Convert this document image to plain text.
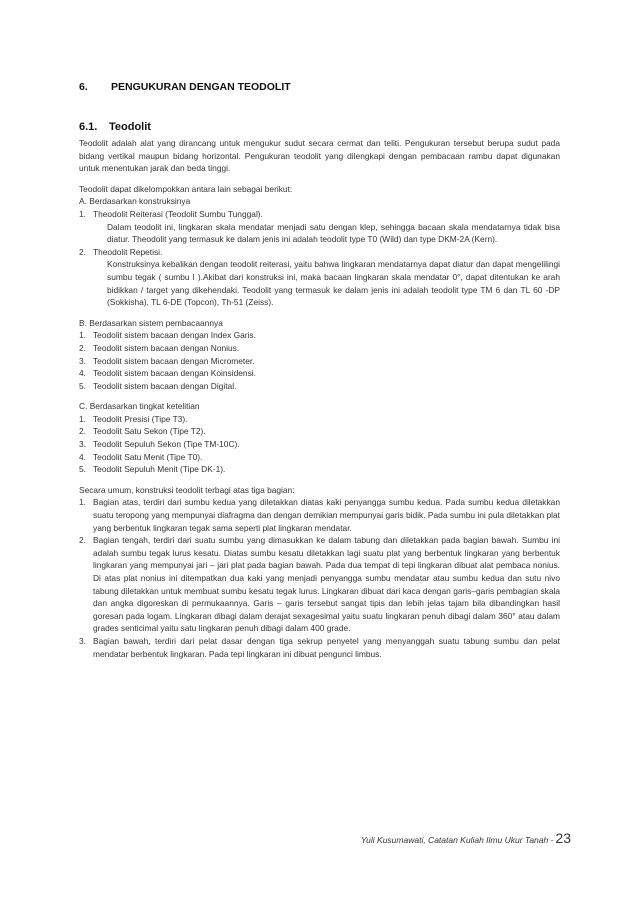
6. PENGUKURAN DENGAN TEODOLIT
6.1. Teodolit

Teodolit adalah alat yang dirancang untuk mengukur sudut secara cermat dan teliti. Pengukuran tersebut berupa sudut pada bidang vertikal maupun bidang horizontal. Pengukuran teodolit yang dilengkapi dengan pembacaan rambu dapat digunakan untuk menentukan jarak dan beda tinggi.

Teodolit dapat dikelompokkan antara lain sebagai berikut:

A. Berdasarkan konstruksinya

1. Theodolit Reiterasi (Teodolit Sumbu Tunggal).
Dalam teodolit ini, lingkaran skala mendatar menjadi satu dengan klep, sehingga bacaan skala mendatarnya tidak bisa diatur. Theodolit yang termasuk ke dalam jenis ini adalah teodolit type T0 (Wild) dan type DKM-2A (Kern).
2. Theodolit Repetisi.
Konstruksinya kebalikan dengan teodolit reiterasi, yaitu bahwa lingkaran mendatarnya dapat diatur dan dapat mengelilingi sumbu tegak ( sumbu I ).Akibat dari konstruksi ini, maka bacaan lingkaran skala mendatar 0°, dapat ditentukan ke arah bidikkan / target yang dikehendaki. Teodolit yang termasuk ke dalam jenis ini adalah teodolit type TM 6 dan TL 60 -DP (Sokkisha), TL 6-DE (Topcon), Th-51 (Zeiss).

B. Berdasarkan sistem pembacaannya

1. Teodolit sistem bacaan dengan Index Garis.
2. Teodolit sistem bacaan dengan Nonius.
3. Teodolit sistem bacaan dengan Micrometer.
4. Teodolit sistem bacaan dengan Koinsidensi.
5. Teodolit sistem bacaan dengan Digital.

C. Berdasarkan tingkat ketelitian

1. Teodolit Presisi (Tipe T3).
2. Teodolit Satu Sekon (Tipe T2).
3. Teodolit Sepuluh Sekon (Tipe TM-10C).
4. Teodolit Satu Menit (Tipe T0).
5. Teodolit Sepuluh Menit (Tipe DK-1).

Secara umum, konstruksi teodolit terbagi atas tiga bagian:

1. Bagian atas, terdiri dari sumbu kedua yang diletakkan diatas kaki penyangga sumbu kedua. Pada sumbu kedua diletakkan suatu teropong yang mempunyai diafragma dan dengan demikian mempunyai garis bidik. Pada sumbu ini pula diletakkan plat yang berbentuk lingkaran tegak sama seperti plat lingkaran mendatar.
2. Bagian tengah, terdiri dari suatu sumbu yang dimasukkan ke dalam tabung dan diletakkan pada bagian bawah. Sumbu ini adalah sumbu tegak lurus kesatu. Diatas sumbu kesatu diletakkan lagi suatu plat yang berbentuk lingkaran yang berbentuk lingkaran yang mempunyai jari – jari plat pada bagian bawah. Pada dua tempat di tepi lingkaran dibuat alat pembaca nonius. Di atas plat nonius ini ditempatkan dua kaki yang menjadi penyangga sumbu mendatar atau sumbu kedua dan sutu nivo tabung diletakkan untuk membuat sumbu kesatu tegak lurus. Lingkaran dibuat dari kaca dengan garis–garis pembagian skala dan angka digoreskan di permukaannya. Garis – garis tersebut sangat tipis dan lebih jelas tajam bila dibandingkan hasil goresan pada logam. Lingkaran dibagi dalam derajat sexagesimal yaitu suatu lingkaran penuh dibagi dalam 360° atau dalam grades senticimal yaitu satu lingkaran penuh dibagi dalam 400 grade.
3. Bagian bawah, terdiri dari pelat dasar dengan tiga sekrup penyetel yang menyanggah suatu tabung sumbu dan pelat mendatar berbentuk lingkaran. Pada tepi lingkaran ini dibuat pengunci limbus.
Yuli Kusumawati, Catatan Kuliah Ilmu Ukur Tanah - 23
